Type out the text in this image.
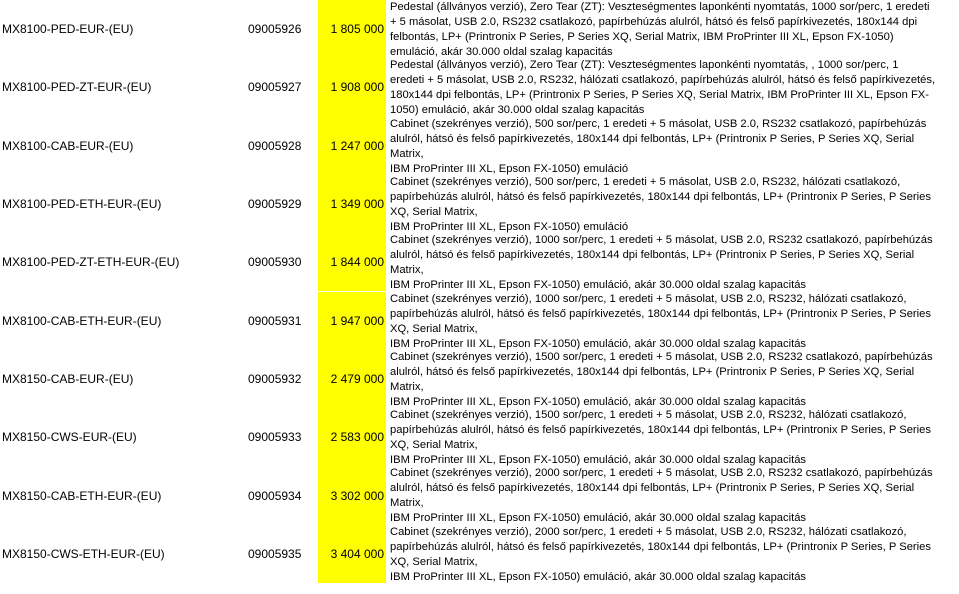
MX8100-PED-EUR-(EU)	09005926	1 805 000
Pedestal (állványos verzió), Zero Tear (ZT): Veszteségmentes laponkénti nyomtatás, 1000 sor/perc, 1 eredeti
+ 5 másolat, USB 2.0, RS232 csatlakozó, papírbehúzás alulról, hátsó és felső papírkivezetés, 180x144 dpi
felbontás, LP+ (Printronix P Series, P Series XQ, Serial Matrix, IBM ProPrinter III XL, Epson FX-1050)
emuláció, akár 30.000 oldal szalag kapacitás
MX8100-PED-ZT-EUR-(EU)	09005927	1 908 000
Pedestal (állványos verzió), Zero Tear (ZT): Veszteségmentes laponkénti nyomtatás, , 1000 sor/perc, 1
eredeti + 5 másolat, USB 2.0, RS232, hálózati csatlakozó, papírbehúzás alulról, hátsó és felső papírkivezetés,
180x144 dpi felbontás, LP+ (Printronix P Series, P Series XQ, Serial Matrix, IBM ProPrinter III XL, Epson FX-
1050) emuláció, akár 30.000 oldal szalag kapacitás
MX8100-CAB-EUR-(EU)	09005928	1 247 000
Cabinet (szekrényes verzió), 500 sor/perc, 1 eredeti + 5 másolat, USB 2.0, RS232 csatlakozó, papírbehúzás
alulról, hátsó és felső papírkivezetés, 180x144 dpi felbontás, LP+ (Printronix P Series, P Series XQ, Serial
Matrix,
IBM ProPrinter III XL, Epson FX-1050) emuláció
MX8100-PED-ETH-EUR-(EU)	09005929	1 349 000
Cabinet (szekrényes verzió), 500 sor/perc, 1 eredeti + 5 másolat, USB 2.0, RS232, hálózati csatlakozó,
papírbehúzás alulról, hátsó és felső papírkivezetés, 180x144 dpi felbontás, LP+ (Printronix P Series, P Series
XQ, Serial Matrix,
IBM ProPrinter III XL, Epson FX-1050) emuláció
MX8100-PED-ZT-ETH-EUR-(EU)	09005930	1 844 000
Cabinet (szekrényes verzió), 1000 sor/perc, 1 eredeti + 5 másolat, USB 2.0, RS232 csatlakozó, papírbehúzás
alulról, hátsó és felső papírkivezetés, 180x144 dpi felbontás, LP+ (Printronix P Series, P Series XQ, Serial
Matrix,
IBM ProPrinter III XL, Epson FX-1050) emuláció, akár 30.000 oldal szalag kapacitás
MX8100-CAB-ETH-EUR-(EU)	09005931	1 947 000
Cabinet (szekrényes verzió), 1000 sor/perc, 1 eredeti + 5 másolat, USB 2.0, RS232, hálózati csatlakozó,
papírbehúzás alulról, hátsó és felső papírkivezetés, 180x144 dpi felbontás, LP+ (Printronix P Series, P Series
XQ, Serial Matrix,
IBM ProPrinter III XL, Epson FX-1050) emuláció, akár 30.000 oldal szalag kapacitás
MX8150-CAB-EUR-(EU)	09005932	2 479 000
Cabinet (szekrényes verzió), 1500 sor/perc, 1 eredeti + 5 másolat, USB 2.0, RS232 csatlakozó, papírbehúzás
alulról, hátsó és felső papírkivezetés, 180x144 dpi felbontás, LP+ (Printronix P Series, P Series XQ, Serial
Matrix,
IBM ProPrinter III XL, Epson FX-1050) emuláció, akár 30.000 oldal szalag kapacitás
MX8150-CWS-EUR-(EU)	09005933	2 583 000
Cabinet (szekrényes verzió), 1500 sor/perc, 1 eredeti + 5 másolat, USB 2.0, RS232, hálózati csatlakozó,
papírbehúzás alulról, hátsó és felső papírkivezetés, 180x144 dpi felbontás, LP+ (Printronix P Series, P Series
XQ, Serial Matrix,
IBM ProPrinter III XL, Epson FX-1050) emuláció, akár 30.000 oldal szalag kapacitás
MX8150-CAB-ETH-EUR-(EU)	09005934	3 302 000
Cabinet (szekrényes verzió), 2000 sor/perc, 1 eredeti + 5 másolat, USB 2.0, RS232 csatlakozó, papírbehúzás
alulról, hátsó és felső papírkivezetés, 180x144 dpi felbontás, LP+ (Printronix P Series, P Series XQ, Serial
Matrix,
IBM ProPrinter III XL, Epson FX-1050) emuláció, akár 30.000 oldal szalag kapacitás
MX8150-CWS-ETH-EUR-(EU)	09005935	3 404 000
Cabinet (szekrényes verzió), 2000 sor/perc, 1 eredeti + 5 másolat, USB 2.0, RS232, hálózati csatlakozó,
papírbehúzás alulról, hátsó és felső papírkivezetés, 180x144 dpi felbontás, LP+ (Printronix P Series, P Series
XQ, Serial Matrix,
IBM ProPrinter III XL, Epson FX-1050) emuláció, akár 30.000 oldal szalag kapacitás
